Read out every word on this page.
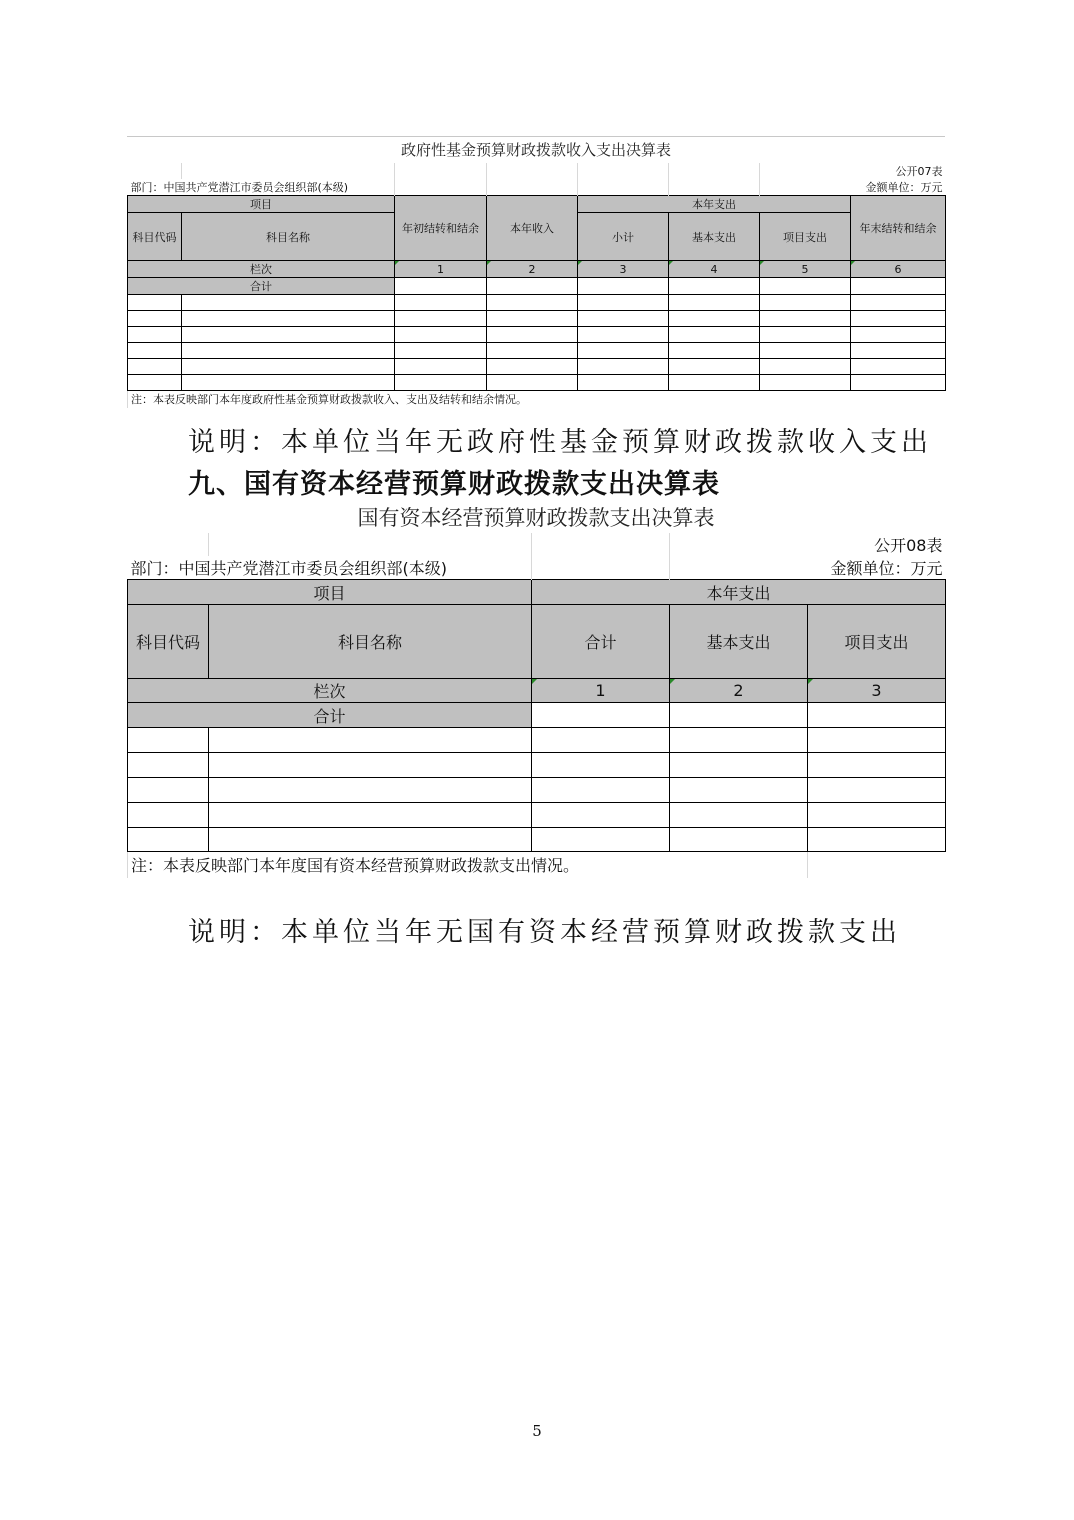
政府性基金预算财政拨款收入支出决算表
							公开07表
部门：中国共产党潜江市委员会组织部(本级)							金额单位：万元
项目		年初结转和结余	本年收入	本年支出			年末结转和结余
科目代码	科目名称			小计	基本支出	项目支出	
栏次		1	2	3	4	5	6
合计							

注：本表反映部门本年度政府性基金预算财政拨款收入、支出及结转和结余情况。							
说明：本单位当年无政府性基金预算财政拨款收入支出
九、国有资本经营预算财政拨款支出决算表
国有资本经营预算财政拨款支出决算表
				公开08表
部门：中国共产党潜江市委员会组织部(本级)				金额单位：万元
项目		本年支出		
科目代码	科目名称	合计	基本支出	项目支出
栏次		1	2	3
合计				

注：本表反映部门本年度国有资本经营预算财政拨款支出情况。				
说明：本单位当年无国有资本经营预算财政拨款支出
5
